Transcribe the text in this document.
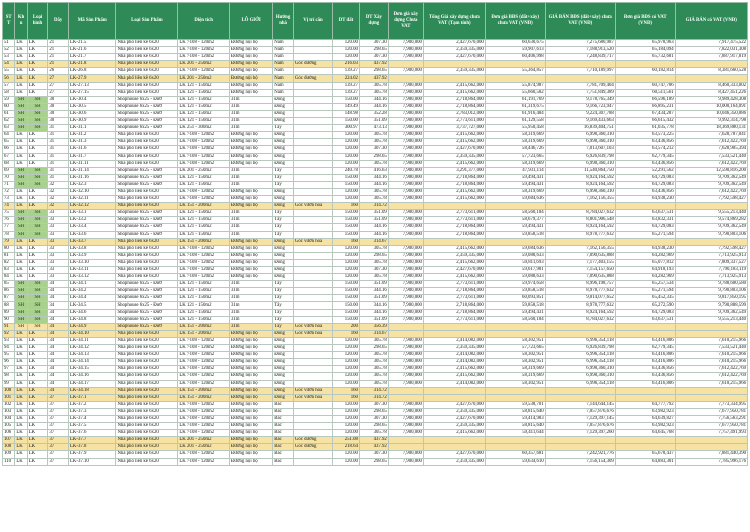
ST T	Kh u	Loại hình	Dãy	Mã Sản Phẩm	Loại Sản Phẩm	Diện tích	LÔ GIỚI	Hướng nhà	Vị trí căn	DT đất	DT Xây dựng	Đơn giá xây dựng Chưa VAT	Tổng Giá xây dựng chưa VAT (Tạm tính)	Đơn giá BĐS (đất+xây) chưa VAT (VNĐ)	GIÁ BÁN BĐS (đất+xây) chưa VAT (VNĐ)	Đơn giá BĐS có VAT (VNĐ)	GIÁ BÁN có VAT (VNĐ)
51	LK	LK	21	LK-21.5	Nhà phố liền kề 6x20	LK >108 - 120m2	Đường nội bộ	Nam		120.00	307.30	7,900,000	2,427,670,000	60,630,675	7,275,680,987	65,978,963	7,917,475,522
52	LK	LK	21	LK-21.6	Nhà phố liền kề 6x20	LK >108 - 120m2	Đường nội bộ	Nam		120.00	298.65	7,900,000	2,359,335,000	59,907,613	7,188,913,520	65,184,094	7,822,031,308
53	LK	LK	21	LK-21.7	Nhà phố liền kề 6x20	LK >108 - 120m2	Đường nội bộ	Nam		120.00	307.30	7,900,000	2,427,670,000	60,406,998	7,248,839,717	65,732,681	7,887,917,819
54	LK	LK	21	LK-21.8	Nhà phố liền kề 6x20	LK 201 - 250m2	Đường nội bộ	Nam	Góc đường	216.03	437.92						
55	LK	LK	26	LK-26.8	Nhà phố liền kề 6x20	LK >108 - 120m2	Đường nội bộ	Nam		139.27	298.65	7,900,000	2,359,335,000	55,364,857	7,710,189,997	60,182,814	8,381,660,528
56	LK	LK	27	LK-27.9	Nhà phố liền kề 6x20	LK 201 - 250m2	Đường nội bộ	Nam	Góc đường	224.02	437.92						
57	LK	LK	27	LK-27.13	Nhà phố liền kề 6x20	LK 121 - 150m2	Đường nội bộ	Nam		139.27	305.78	7,900,000	2,415,662,000	55,874,987	7,781,709,404	60,747,706	8,460,333,002
58	LK	LK	27	LK-27.15	Nhà phố liền kề 6x20	LK 121 - 150m2	Đường nội bộ	Nam		139.27	305.78	7,900,000	2,415,662,000	55,660,582	7,751,849,389	60,511,561	8,427,451,226
59	SH	SH	30	LK-30.4	Shophouse 6x25 - Đườ	LK 121 - 150m2	31m	Đông		150.00	344.16	7,900,000	2,718,864,000	61,191,769	9,178,765,349	66,596,189	9,989,428,308
60	SH	SH	30	LK-30.5	Shophouse 6x25 - Đườ	LK 121 - 150m2	31m	Đông		149.49	344.16	7,900,000	2,718,864,000	61,319,675	9,166,723,947	66,895,231	10,000,164,091
61	SH	SH	30	LK-30.6	Shophouse 6x25 - Đườ	LK 121 - 150m2	31m	Đông		148.98	352.28	7,900,000	2,783,012,000	61,916,484	9,224,307,788	67,434,287	10,046,350,086
62	SH	SH	30	LK-30.9	Shophouse 6x25 - Đườ	LK 121 - 150m2	31m	Đông		150.00	351.09	7,900,000	2,773,611,000	61,129,558	9,169,433,663	66,615,432	9,992,314,798
63	SH	SH	31	LK-31.1	Shophouse 6x25 - Đườ	LK 251 - 300m2	31m	Tây		300.97	473.13	7,900,000	3,737,727,000	55,950,458	16,839,404,751	61,035,778	18,369,880,131
64	LK	LK	31	LK-31.2	Nhà phố liền kề 6x20	LK >108 - 120m2	Đường nội bộ	Đông		120.00	305.78	7,900,000	2,415,662,000	58,319,669	6,998,360,310	63,573,225	7,628,787,041
65	LK	LK	31	LK-31.3	Nhà phố liền kề 6x20	LK >108 - 120m2	Đường nội bộ	Đông		120.00	305.78	7,900,000	2,415,662,000	58,319,669	6,998,360,310	63,436,856	7,612,422,769
66	LK	LK	31	LK-31.6	Nhà phố liền kề 6x20	LK >108 - 120m2	Đường nội bộ	Đông		120.00	307.30	7,900,000	2,427,670,000	58,446,726	7,013,607,103	63,574,212	7,628,905,394
67	LK	LK	31	LK-31.7	Nhà phố liền kề 6x20	LK >108 - 120m2	Đường nội bộ	Đông		120.00	298.65	7,900,000	2,359,335,000	57,723,665	6,926,839,798	62,779,345	7,533,521,440
68	LK	LK	31	LK-31.11	Nhà phố liền kề 6x20	LK >108 - 120m2	Đường nội bộ	Đông		120.00	305.78	7,900,000	2,415,662,000	58,319,669	6,998,360,310	63,436,856	7,612,422,769
69	SH	SH	31	LK-31.14	Shophouse 6x25 - Đườ	LK 201 - 250m2	31m	Tây		240.78	416.63	7,900,000	3,291,377,000	47,931,114	11,540,864,750	52,291,562	12,590,816,200
70	SH	SH	31	LK-31.16	Shophouse 6x25 - Đườ	LK 121 - 150m2	31m	Tây		150.00	344.16	7,900,000	2,718,864,000	59,494,431	8,924,164,592	64,729,083	9,709,362,549
71	SH	SH	32	LK-32.3	Shophouse 6x25 - Đườ	LK 121 - 150m2	31m	Tây		150.00	344.16	7,900,000	2,718,864,000	59,494,431	8,924,164,592	64,729,083	9,709,362,549
72	LK	LK	32	LK-32.10	Nhà phố liền kề 6x20	LK >108 - 120m2	Đường nội bộ	Đông		120.00	305.78	7,900,000	2,415,662,000	58,319,669	6,998,360,310	63,436,856	7,612,422,769
73	LK	LK	32	LK-32.11	Nhà phố liền kề 6x20	LK >108 - 120m2	Đường nội bộ	Đông		120.00	305.78	7,900,000	2,415,662,000	59,684,636	7,162,156,355	64,938,230	7,792,598,427
74	LK	LK	32	LK-32.12	Nhà phố liền kề 6x20	LK 151 - 200m2	Đường nội bộ	Đông	Góc vườn hoa	160	314.72						
75	SH	SH	33	LK-33.1	Shophouse 6x25 - Đườ	LK 121 - 150m2	31m	Tây		150.00	351.09	7,900,000	2,773,611,000	58,560,184	8,784,027,632	63,637,531	9,555,213,440
76	SH	SH	33	LK-33.2	Shophouse 6x25 - Đườ	LK 121 - 150m2	31m	Tây		150.00	351.09	7,900,000	2,773,611,000	58,679,377	8,801,906,548	63,832,331	9,574,869,282
77	SH	SH	33	LK-33.4	Shophouse 6x25 - Đườ	LK 121 - 150m2	31m	Tây		150.00	344.16	7,900,000	2,718,864,000	59,494,431	8,924,164,592	64,729,083	9,709,362,549
78	SH	SH	33	LK-33.6	Shophouse 6x25 - Đườ	LK 121 - 150m2	31m	Tây		150.00	344.16	7,900,000	2,718,864,000	59,858,518	8,978,777,632	65,271,594	9,790,803,106
79	LK	LK	33	LK-33.7	Nhà phố liền kề 6x20	LK 151 - 200m2	Đường nội bộ	Đông	Góc vườn hoa	160	314.67						
80	LK	LK	33	LK-33.8	Nhà phố liền kề 6x20	LK >108 - 120m2	Đường nội bộ	Đông		120.00	305.78	7,900,000	2,415,662,000	59,684,636	7,162,156,355	64,938,230	7,792,598,427
81	LK	LK	33	LK-33.9	Nhà phố liền kề 6x20	LK >108 - 120m2	Đường nội bộ	Đông		120.00	298.65	7,900,000	2,359,335,000	59,088,633	7,090,635,888	64,282,969	7,713,925,913
82	LK	LK	33	LK-33.10	Nhà phố liền kề 6x20	LK >108 - 120m2	Đường nội bộ	Đông		120.00	305.78	7,900,000	2,415,662,000	59,811,693	7,177,403,155	65,077,812	7,809,337,527
83	LK	LK	33	LK-33.11	Nhà phố liền kề 6x20	LK >108 - 120m2	Đường nội bộ	Đông		120.00	307.30	7,900,000	2,427,670,000	59,617,981	7,154,157,650	64,918,193	7,790,183,119
84	LK	LK	33	LK-33.12	Nhà phố liền kề 6x20	LK >108 - 120m2	Đường nội bộ	Đông		120.00	305.78	7,900,000	2,415,662,000	59,088,633	7,090,635,888	64,282,969	7,713,925,913
85	SH	SH	34	LK-34.1	Shophouse 6x25 - Đườ	LK 121 - 150m2	31m	Tây		150.00	351.09	7,900,000	2,773,611,000	59,974,658	8,996,198,757	65,257,534	9,788,600,580
86	SH	SH	34	LK-34.2	Shophouse 6x25 - Đườ	LK 121 - 150m2	31m	Tây		150.00	344.16	7,900,000	2,718,864,000	59,858,518	8,978,777,632	65,271,594	9,790,803,106
87	SH	SH	34	LK-34.4	Shophouse 6x25 - Đườ	LK 121 - 150m2	31m	Tây		150.00	351.09	7,900,000	2,773,611,000	60,093,851	9,014,077,652	65,452,335	9,817,850,195
88	SH	SH	34	LK-34.5	Shophouse 6x25 - Đườ	LK 121 - 150m2	31m	Tây		150.00	344.16	7,900,000	2,718,864,000	59,858,518	8,978,777,632	65,272,590	9,790,888,599
89	SH	SH	34	LK-34.6	Shophouse 6x25 - Đườ	LK 121 - 150m2	31m	Tây		150.00	344.16	7,900,000	2,718,864,000	59,494,431	8,924,164,592	64,729,083	9,709,362,549
90	SH	SH	34	LK-34.8	Shophouse 6x25 - Đườ	LK 121 - 150m2	31m	Tây		150.00	351.09	7,900,000	2,773,611,000	58,560,184	8,784,027,632	63,637,531	9,555,213,440
91	SH	SH	34	LK-34.9	Shophouse 6x25 - Đườ	LK 151 - 200m2	31m	Tây	Góc vườn hoa	200	356.39						
92	LK	LK	34	LK-34.10	Nhà phố liền kề 6x20	LK 151 - 200m2	Đường nội bộ	Đông	Góc vườn hoa	160	314.67						
93	LK	LK	34	LK-34.11	Nhà phố liền kề 6x20	LK >108 - 120m2	Đường nội bộ	Đông		120.00	305.78	7,900,000	2,414,082,000	58,302,951	6,996,354,118	63,416,806	7,610,215,966
94	LK	LK	34	LK-34.12	Nhà phố liền kề 6x20	LK >108 - 120m2	Đường nội bộ	Đông		120.00	298.65	7,900,000	2,359,335,000	57,723,665	6,926,839,798	62,779,345	7,533,521,440
95	LK	LK	34	LK-34.13	Nhà phố liền kề 6x20	LK >108 - 120m2	Đường nội bộ	Đông		120.00	305.78	7,900,000	2,414,082,000	58,302,951	6,996,354,118	63,416,806	7,610,215,966
96	LK	LK	34	LK-34.14	Nhà phố liền kề 6x20	LK >108 - 120m2	Đường nội bộ	Đông		120.00	305.78	7,900,000	2,414,082,000	58,302,951	6,996,354,118	63,416,806	7,610,215,966
97	LK	LK	34	LK-34.15	Nhà phố liền kề 6x20	LK >108 - 120m2	Đường nội bộ	Đông		120.00	305.78	7,900,000	2,415,662,000	58,319,669	6,998,360,310	63,436,856	7,612,422,769
98	LK	LK	34	LK-34.16	Nhà phố liền kề 6x20	LK >108 - 120m2	Đường nội bộ	Đông		120.00	305.78	7,900,000	2,415,662,000	58,319,669	6,998,360,310	63,436,856	7,612,422,769
99	LK	LK	34	LK-34.17	Nhà phố liền kề 6x20	LK >108 - 120m2	Đường nội bộ	Đông		120.00	305.78	7,900,000	2,414,082,000	58,302,951	6,996,354,118	63,416,806	7,610,215,966
100	LK	LK	34	LK-34.18	Nhà phố liền kề 6x20	LK 151 - 200m2	Đường nội bộ	Đông	Góc vườn hoa	160	314.72						
101	LK	LK	37	LK-37.1	Nhà phố liền kề 6x20	LK 151 - 200m2	Đường nội bộ	Đông	Góc vườn hoa	160	314.72						
102	LK	LK	37	LK-37.2	Nhà phố liền kề 6x20	LK >108 - 120m2	Đường nội bộ	Bắc		120.00	307.30	7,900,000	2,427,670,000	59,538,701	7,144,644,145	64,777,792	7,773,334,995
103	LK	LK	37	LK-37.3	Nhà phố liền kề 6x20	LK >108 - 120m2	Đường nội bộ	Bắc		120.00	298.65	7,900,000	2,359,335,000	58,815,640	7,057,876,676	63,982,923	7,677,950,781
104	LK	LK	37	LK-37.4	Nhà phố liền kề 6x20	LK >108 - 120m2	Đường nội bộ	Bắc		120.00	307.30	7,900,000	2,427,670,000	59,414,983	7,129,397,145	64,639,827	7,756,563,291
105	LK	LK	37	LK-37.5	Nhà phố liền kề 6x20	LK >108 - 120m2	Đường nội bộ	Bắc		120.00	298.65	7,900,000	2,359,335,000	58,815,640	7,057,876,676	63,982,923	7,677,950,781
106	LK	LK	37	LK-37.6	Nhà phố liền kề 6x20	LK >108 - 120m2	Đường nội bộ	Bắc		120.00	305.78	7,900,000	2,415,662,000	59,411,644	7,129,397,260	64,645,768	7,757,491,993
107	LK	LK	37	LK-37.7	Nhà phố liền kề 6x20	LK 201 - 250m2	Đường nội bộ	Bắc	Góc đường	251.08	437.92						
108	LK	LK	37	LK-37.8	Nhà phố liền kề 6x20	LK 201 - 250m2	Đường nội bộ	Bắc	Góc đường	218.64	437.92						
109	LK	LK	37	LK-37.9	Nhà phố liền kề 6x20	LK >108 - 120m2	Đường nội bộ	Bắc		120.00	307.30	7,900,000	2,427,670,000	60,357,681	7,242,921,776	65,678,437	7,881,440,390
110	LK	LK	37	LK-37.10	Nhà phố liền kề 6x20	LK >108 - 120m2	Đường nội bộ	Bắc		120.00	298.65	7,900,000	2,359,335,000	59,634,610	7,156,154,309	64,883,301	7,785,996,176
